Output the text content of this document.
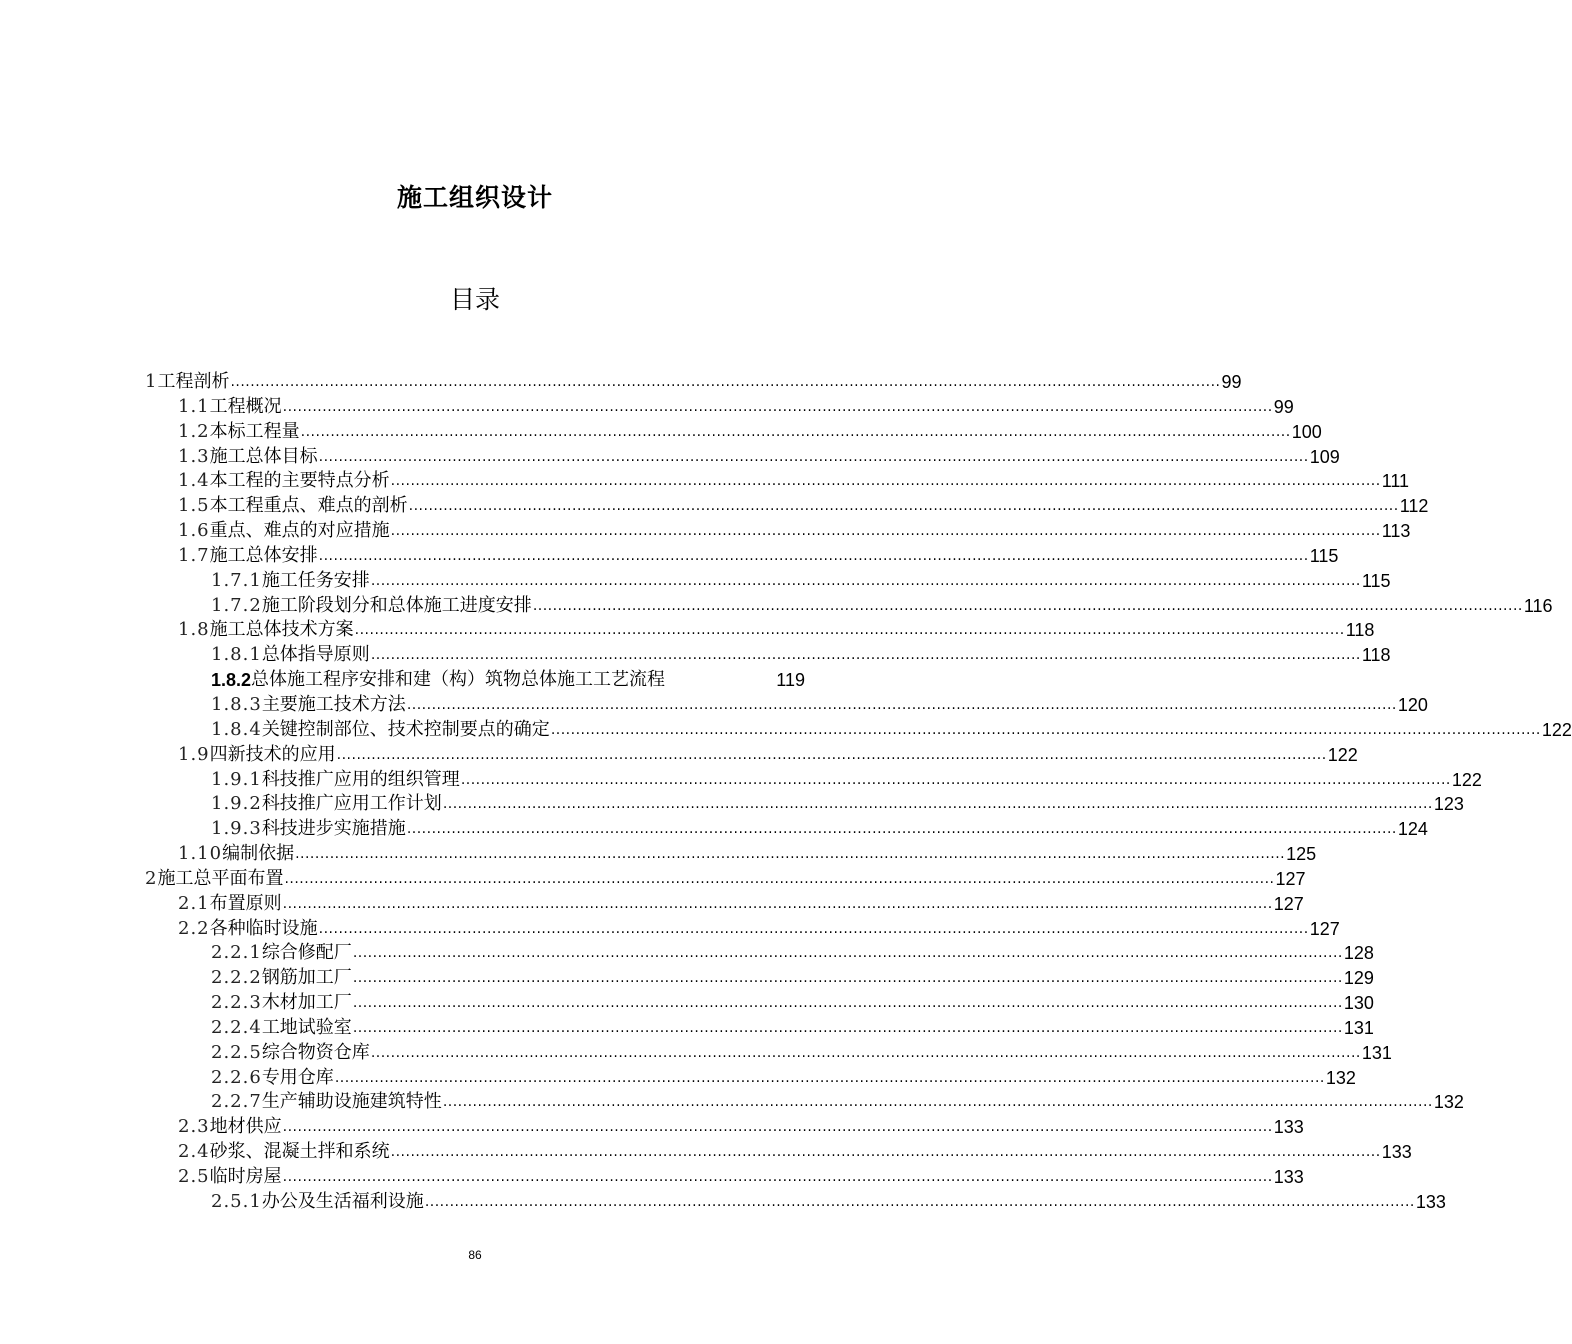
施工组织设计
目录
1 工程剖析 ........................................................................................................................................................................................................ 99
1.1 工程概况 ........................................................................................................................................................................................................ 99
1.2 本标工程量 ........................................................................................................................................................................................................ 100
1.3 施工总体目标 ........................................................................................................................................................................................................ 109
1.4 本工程的主要特点分析 ........................................................................................................................................................................................................ 111
1.5 本工程重点、难点的剖析 ........................................................................................................................................................................................................ 112
1.6 重点、难点的对应措施 ........................................................................................................................................................................................................ 113
1.7 施工总体安排 ........................................................................................................................................................................................................ 115
1.7.1 施工任务安排 ........................................................................................................................................................................................................ 115
1.7.2 施工阶段划分和总体施工进度安排 ........................................................................................................................................................................................................ 116
1.8 施工总体技术方案 ........................................................................................................................................................................................................ 118
1.8.1 总体指导原则 ........................................................................................................................................................................................................ 118
1.8.2 总体施工程序安排和建（构）筑物总体施工工艺流程	119
1.8.3 主要施工技术方法 ........................................................................................................................................................................................................ 120
1.8.4 关键控制部位、技术控制要点的确定 ........................................................................................................................................................................................................ 122
1.9 四新技术的应用 ........................................................................................................................................................................................................ 122
1.9.1 科技推广应用的组织管理 ........................................................................................................................................................................................................ 122
1.9.2 科技推广应用工作计划 ........................................................................................................................................................................................................ 123
1.9.3 科技进步实施措施 ........................................................................................................................................................................................................ 124
1.10 编制依据 ........................................................................................................................................................................................................ 125
2 施工总平面布置 ........................................................................................................................................................................................................ 127
2.1 布置原则 ........................................................................................................................................................................................................ 127
2.2 各种临时设施 ........................................................................................................................................................................................................ 127
2.2.1 综合修配厂 ........................................................................................................................................................................................................ 128
2.2.2 钢筋加工厂 ........................................................................................................................................................................................................ 129
2.2.3 木材加工厂 ........................................................................................................................................................................................................ 130
2.2.4 工地试验室 ........................................................................................................................................................................................................ 131
2.2.5 综合物资仓库 ........................................................................................................................................................................................................ 131
2.2.6 专用仓库 ........................................................................................................................................................................................................ 132
2.2.7 生产辅助设施建筑特性 ........................................................................................................................................................................................................ 132
2.3 地材供应 ........................................................................................................................................................................................................ 133
2.4 砂浆、混凝土拌和系统 ........................................................................................................................................................................................................ 133
2.5 临时房屋 ........................................................................................................................................................................................................ 133
2.5.1 办公及生活福利设施 ........................................................................................................................................................................................................ 133
86
